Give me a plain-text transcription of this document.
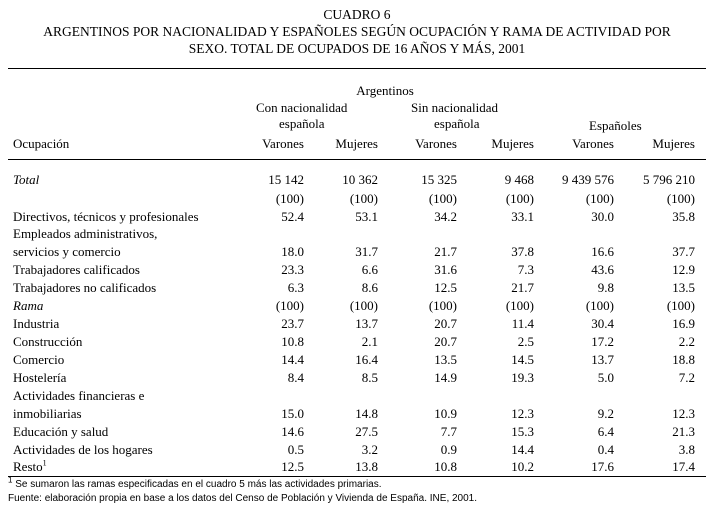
CUADRO 6
ARGENTINOS POR NACIONALIDAD Y ESPAÑOLES SEGÚN OCUPACIÓN Y RAMA DE ACTIVIDAD POR
SEXO. TOTAL DE OCUPADOS DE 16 AÑOS Y MÁS, 2001
Argentinos
Con nacionalidad
española
Sin nacionalidad
española	Españoles
Ocupación	Varones	Mujeres	Varones	Mujeres	Varones	Mujeres
Total	15 142	10 362	15 325	9 468	9 439 576	5 796 210
(100)	(100)	(100)	(100)	(100)	(100)
Directivos, técnicos y profesionales	52.4	53.1	34.2	33.1	30.0	35.8
Empleados administrativos,
servicios y comercio	18.0	31.7	21.7	37.8	16.6	37.7
Trabajadores calificados	23.3	6.6	31.6	7.3	43.6	12.9
Trabajadores no calificados	6.3	8.6	12.5	21.7	9.8	13.5
Rama	(100)	(100)	(100)	(100)	(100)	(100)
Industria	23.7	13.7	20.7	11.4	30.4	16.9
Construcción	10.8	2.1	20.7	2.5	17.2	2.2
Comercio	14.4	16.4	13.5	14.5	13.7	18.8
Hostelería	8.4	8.5	14.9	19.3	5.0	7.2
Actividades financieras e
inmobiliarias	15.0	14.8	10.9	12.3	9.2	12.3
Educación y salud	14.6	27.5	7.7	15.3	6.4	21.3
Actividades de los hogares	0.5	3.2	0.9	14.4	0.4	3.8
Resto$^1$	12.5	13.8	10.8	10.2	17.6	17.4
$^1$ Se sumaron las ramas especificadas en el cuadro 5 más las actividades primarias.
Fuente: elaboración propia en base a los datos del Censo de Población y Vivienda de España. INE, 2001.
